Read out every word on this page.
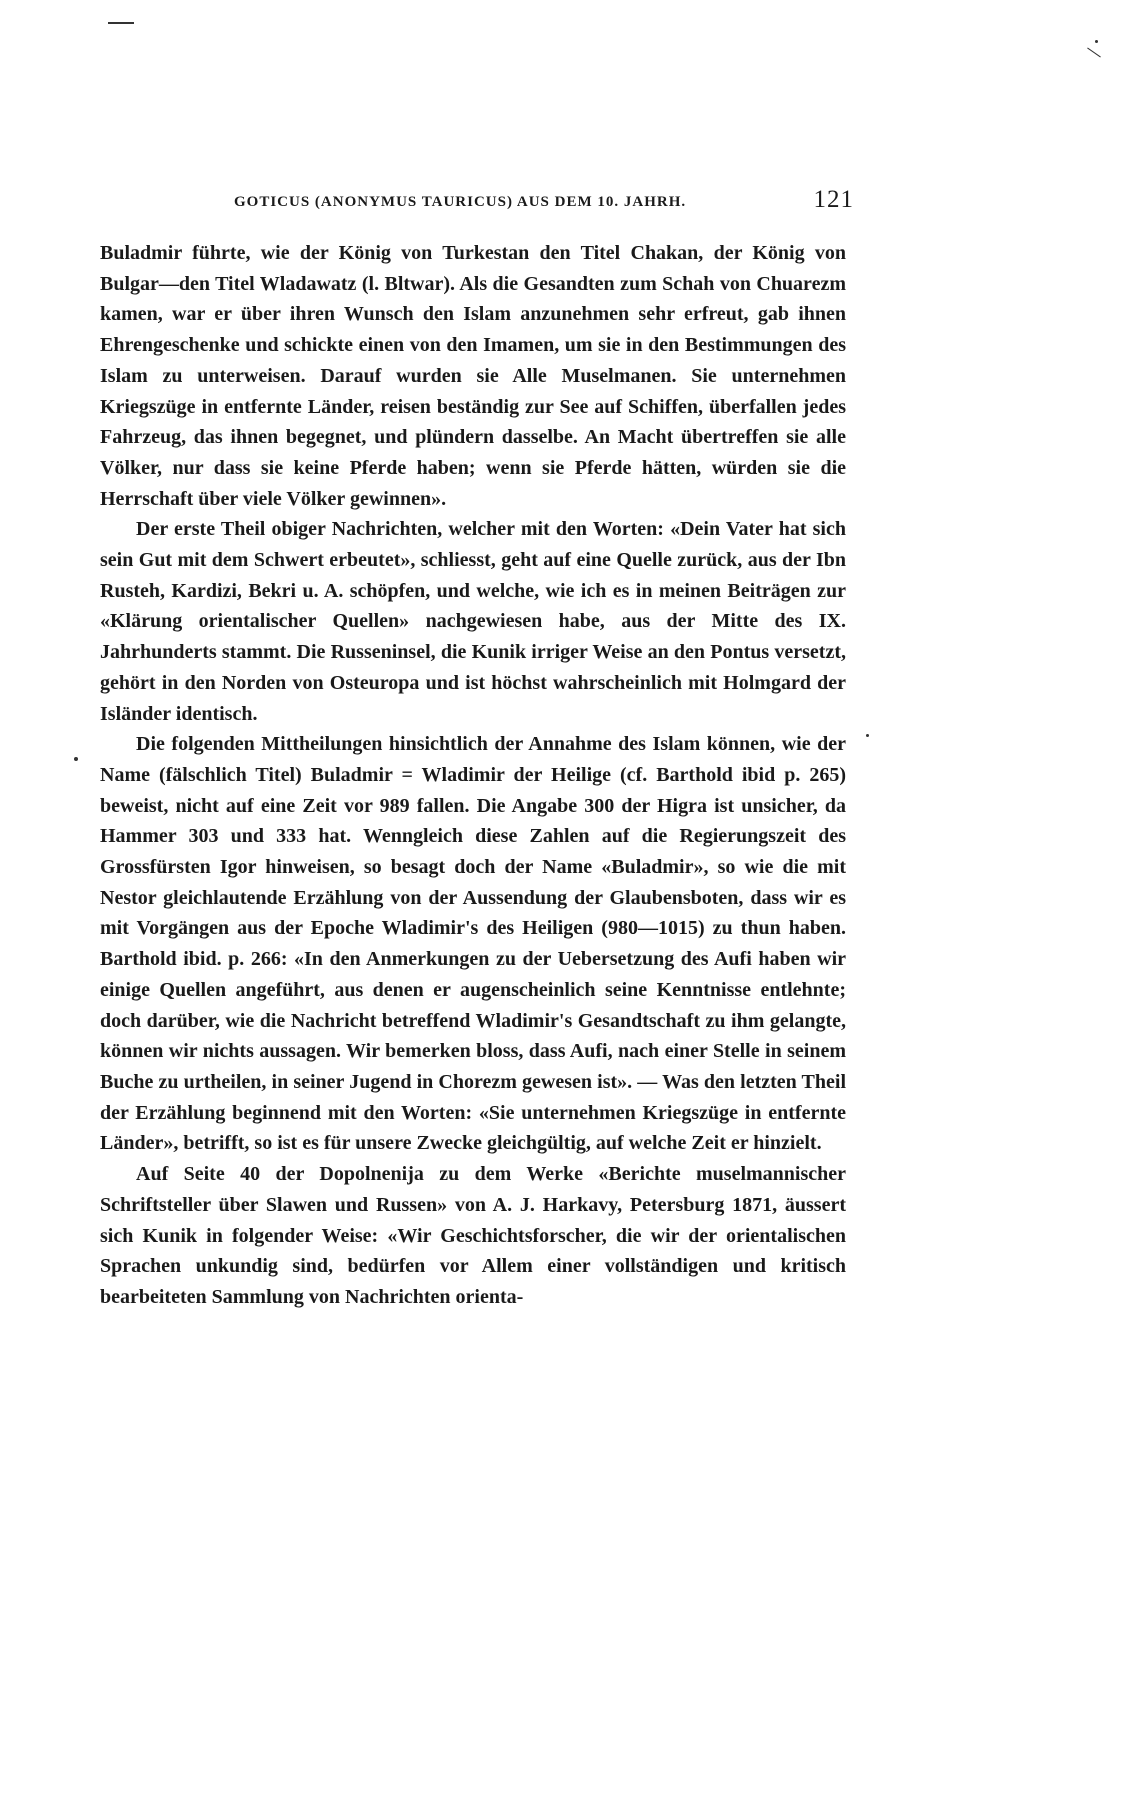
GOTICUS (ANONYMUS TAURICUS) AUS DEM 10. JAHRH.	121

Buladmir führte, wie der König von Turkestan den Titel Chakan, der König von Bulgar—den Titel Wladawatz (l. Bltwar). Als die Gesandten zum Schah von Chuarezm kamen, war er über ihren Wunsch den Islam anzunehmen sehr erfreut, gab ihnen Ehrengeschenke und schickte einen von den Imamen, um sie in den Bestimmungen des Islam zu unterweisen. Darauf wurden sie Alle Muselmanen. Sie unternehmen Kriegszüge in entfernte Länder, reisen beständig zur See auf Schiffen, überfallen jedes Fahrzeug, das ihnen begegnet, und plündern dasselbe. An Macht übertreffen sie alle Völker, nur dass sie keine Pferde haben; wenn sie Pferde hätten, würden sie die Herrschaft über viele Völker gewinnen».

Der erste Theil obiger Nachrichten, welcher mit den Worten: «Dein Vater hat sich sein Gut mit dem Schwert erbeutet», schliesst, geht auf eine Quelle zurück, aus der Ibn Rusteh, Kardizi, Bekri u. A. schöpfen, und welche, wie ich es in meinen Beiträgen zur «Klärung orientalischer Quellen» nachgewiesen habe, aus der Mitte des IX. Jahrhunderts stammt. Die Russeninsel, die Kunik irriger Weise an den Pontus versetzt, gehört in den Norden von Osteuropa und ist höchst wahrscheinlich mit Holmgard der Isländer identisch.

Die folgenden Mittheilungen hinsichtlich der Annahme des Islam können, wie der Name (fälschlich Titel) Buladmir = Wladimir der Heilige (cf. Barthold ibid p. 265) beweist, nicht auf eine Zeit vor 989 fallen. Die Angabe 300 der Higra ist unsicher, da Hammer 303 und 333 hat. Wenngleich diese Zahlen auf die Regierungszeit des Grossfürsten Igor hinweisen, so besagt doch der Name «Buladmir», so wie die mit Nestor gleichlautende Erzählung von der Aussendung der Glaubensboten, dass wir es mit Vorgängen aus der Epoche Wladimir's des Heiligen (980—1015) zu thun haben. Barthold ibid. p. 266: «In den Anmerkungen zu der Uebersetzung des Aufi haben wir einige Quellen angeführt, aus denen er augenscheinlich seine Kenntnisse entlehnte; doch darüber, wie die Nachricht betreffend Wladimir's Gesandtschaft zu ihm gelangte, können wir nichts aussagen. Wir bemerken bloss, dass Aufi, nach einer Stelle in seinem Buche zu urtheilen, in seiner Jugend in Chorezm gewesen ist». — Was den letzten Theil der Erzählung beginnend mit den Worten: «Sie unternehmen Kriegszüge in entfernte Länder», betrifft, so ist es für unsere Zwecke gleichgültig, auf welche Zeit er hinzielt.

Auf Seite 40 der Dopolnenija zu dem Werke «Berichte muselmannischer Schriftsteller über Slawen und Russen» von A. J. Harkavy, Petersburg 1871, äussert sich Kunik in folgender Weise: «Wir Geschichtsforscher, die wir der orientalischen Sprachen unkundig sind, bedürfen vor Allem einer vollständigen und kritisch bearbeiteten Sammlung von Nachrichten orienta-
